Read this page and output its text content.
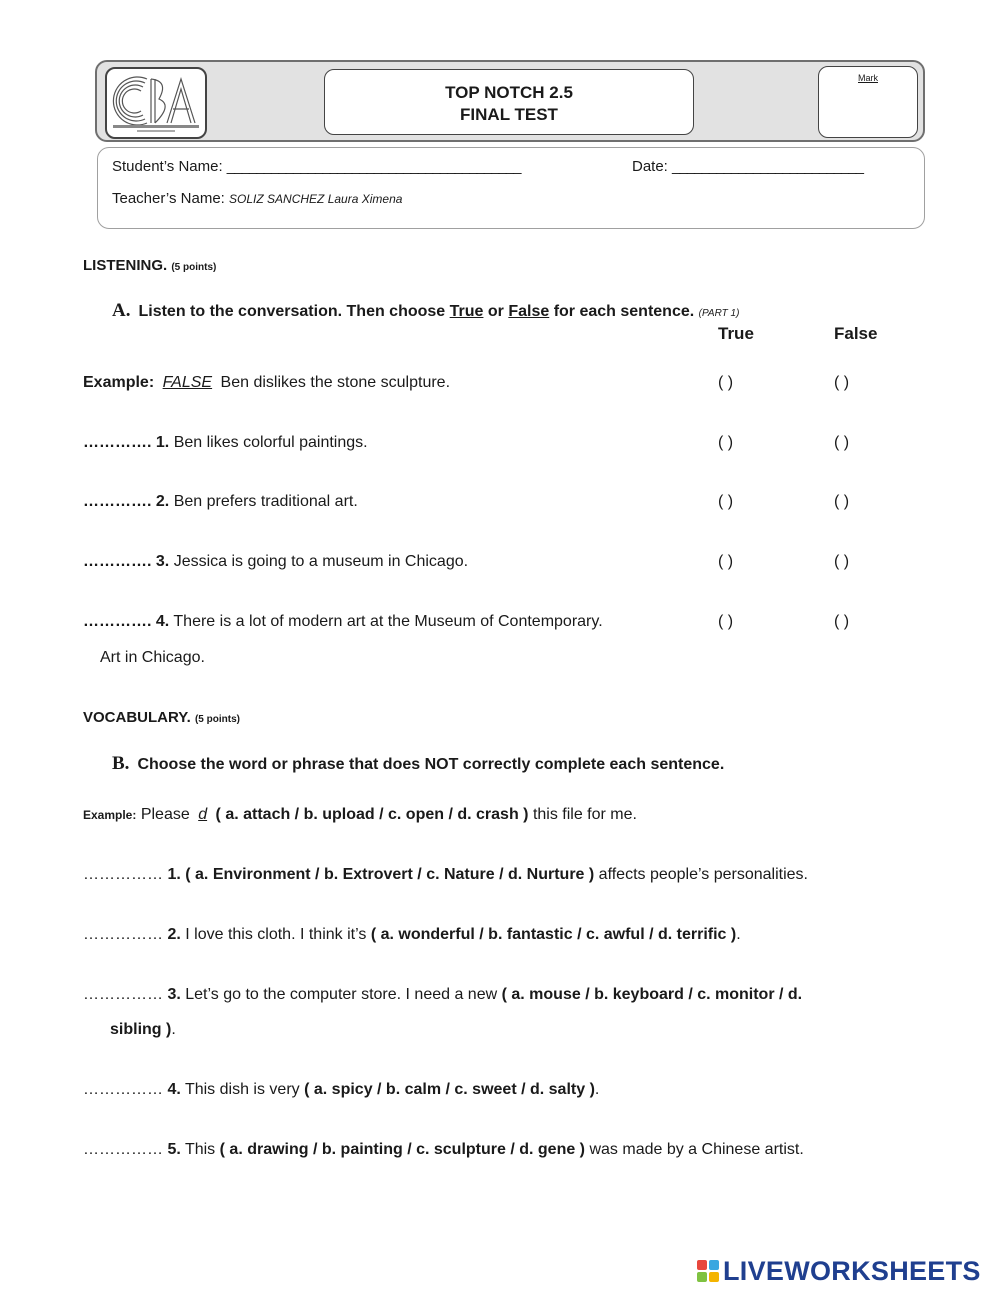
TOP NOTCH 2.5
FINAL TEST
Mark
Student’s Name: ________________________________________	Date: __________________________
Teacher’s Name: SOLIZ SANCHEZ Laura Ximena
LISTENING. (5 points)
A. Listen to the conversation. Then choose True or False for each sentence. (PART 1)
True	False
Example: FALSE Ben dislikes the stone sculpture.	( )	( )
…………. 1. Ben likes colorful paintings.	( )	( )
…………. 2. Ben prefers traditional art.	( )	( )
…………. 3. Jessica is going to a museum in Chicago.	( )	( )
…………. 4. There is a lot of modern art at the Museum of Contemporary.
Art in Chicago.
( )	( )
VOCABULARY. (5 points)
B. Choose the word or phrase that does NOT correctly complete each sentence.
Example: Please d ( a. attach / b. upload / c. open / d. crash ) this file for me.
…………… 1. ( a. Environment / b. Extrovert / c. Nature / d. Nurture ) affects people’s personalities.
…………… 2. I love this cloth. I think it’s ( a. wonderful / b. fantastic / c. awful / d. terrific ).
…………… 3. Let’s go to the computer store. I need a new ( a. mouse / b. keyboard / c. monitor / d.
sibling ).
…………… 4. This dish is very ( a. spicy / b. calm / c. sweet / d. salty ).
…………… 5. This ( a. drawing / b. painting / c. sculpture / d. gene ) was made by a Chinese artist.
LIVEWORKSHEETS
